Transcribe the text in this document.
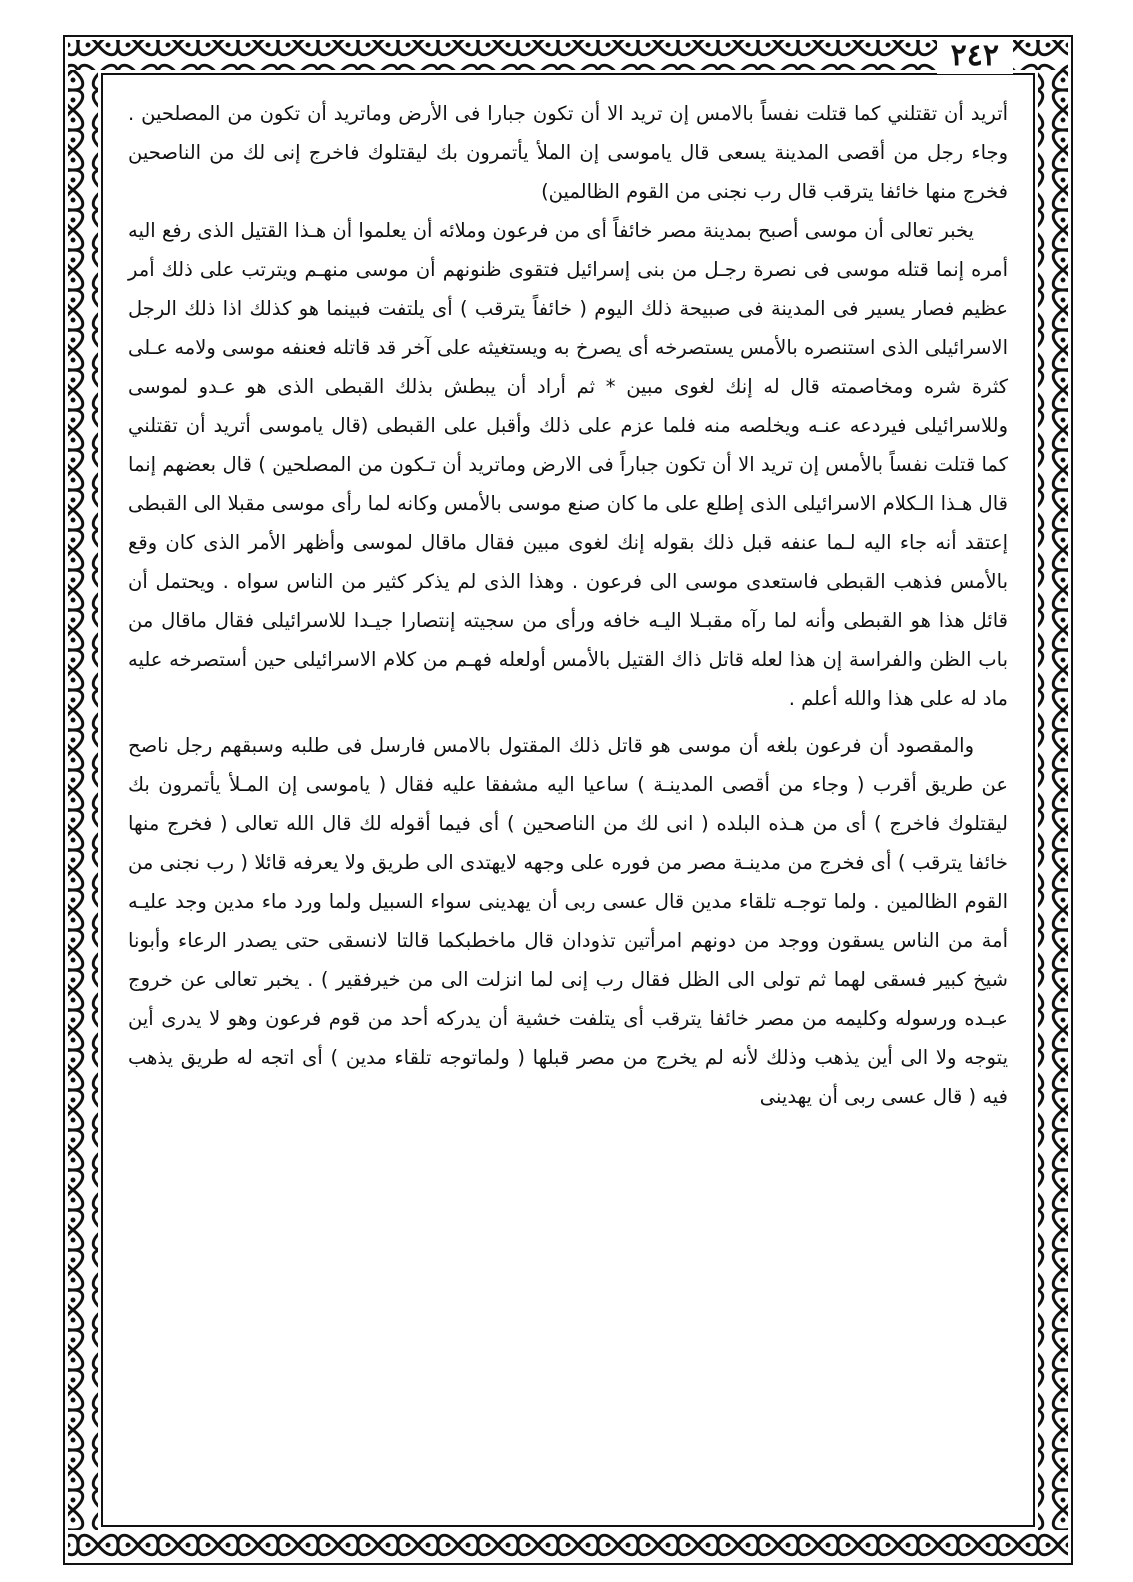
٢٤٢

أتريد أن تقتلني كما قتلت نفساً بالامس إن تريد الا أن تكون جبارا فى الأرض وماتريد أن تكون من المصلحين . وجاء رجل من أقصى المدينة يسعى قال ياموسى إن الملأ يأتمرون بك ليقتلوك فاخرج إنى لك من الناصحين فخرج منها خائفا يترقب قال رب نجنى من القوم الظالمين)

يخبر تعالى أن موسى أصبح بمدينة مصر خائفاً أى من فرعون وملائه أن يعلموا أن هـذا القتيل الذى رفع اليه أمره إنما قتله موسى فى نصرة رجـل من بنى إسرائيل فتقوى ظنونهم أن موسى منهـم ويترتب على ذلك أمر عظيم فصار يسير فى المدينة فى صبيحة ذلك اليوم ( خائفاً يترقب ) أى يلتفت فبينما هو كذلك اذا ذلك الرجل الاسرائيلى الذى استنصره بالأمس يستصرخه أى يصرخ به ويستغيثه على آخر قد قاتله فعنفه موسى ولامه عـلى كثرة شره ومخاصمته قال له إنك لغوى مبين * ثم أراد أن يبطش بذلك القبطى الذى هو عـدو لموسى وللاسرائيلى فيردعه عنـه ويخلصه منه فلما عزم على ذلك وأقبل على القبطى (قال ياموسى أتريد أن تقتلني كما قتلت نفساً بالأمس إن تريد الا أن تكون جباراً فى الارض وماتريد أن تـكون من المصلحين ) قال بعضهم إنما قال هـذا الـكلام الاسرائيلى الذى إطلع على ما كان صنع موسى بالأمس وكانه لما رأى موسى مقبلا الى القبطى إعتقد أنه جاء اليه لـما عنفه قبل ذلك بقوله إنك لغوى مبين فقال ماقال لموسى وأظهر الأمر الذى كان وقع بالأمس فذهب القبطى فاستعدى موسى الى فرعون . وهذا الذى لم يذكر كثير من الناس سواه . ويحتمل أن قائل هذا هو القبطى وأنه لما رآه مقبـلا اليـه خافه ورأى من سجيته إنتصارا جيـدا للاسرائيلى فقال ماقال من باب الظن والفراسة إن هذا لعله قاتل ذاك القتيل بالأمس أولعله فهـم من كلام الاسرائيلى حين أستصرخه عليه ماد له على هذا والله أعلم .

والمقصود أن فرعون بلغه أن موسى هو قاتل ذلك المقتول بالامس فارسل فى طلبه وسبقهم رجل ناصح عن طريق أقرب ( وجاء من أقصى المدينـة ) ساعيا اليه مشفقا عليه فقال ( ياموسى إن المـلأ يأتمرون بك ليقتلوك فاخرج ) أى من هـذه البلده ( انى لك من الناصحين ) أى فيما أقوله لك قال الله تعالى ( فخرج منها خائفا يترقب ) أى فخرج من مدينـة مصر من فوره على وجهه لايهتدى الى طريق ولا يعرفه قائلا ( رب نجنى من القوم الظالمين . ولما توجـه تلقاء مدين قال عسى ربى أن يهدينى سواء السبيل ولما ورد ماء مدين وجد عليـه أمة من الناس يسقون ووجد من دونهم امرأتين تذودان قال ماخطبكما قالتا لانسقى حتى يصدر الرعاء وأبونا شيخ كبير فسقى لهما ثم تولى الى الظل فقال رب إنى لما انزلت الى من خيرفقير ) . يخبر تعالى عن خروج عبـده ورسوله وكليمه من مصر خائفا يترقب أى يتلفت خشية أن يدركه أحد من قوم فرعون وهو لا يدرى أين يتوجه ولا الى أين يذهب وذلك لأنه لم يخرج من مصر قبلها ( ولماتوجه تلقاء مدين ) أى اتجه له طريق يذهب فيه ( قال عسى ربى أن يهدينى
